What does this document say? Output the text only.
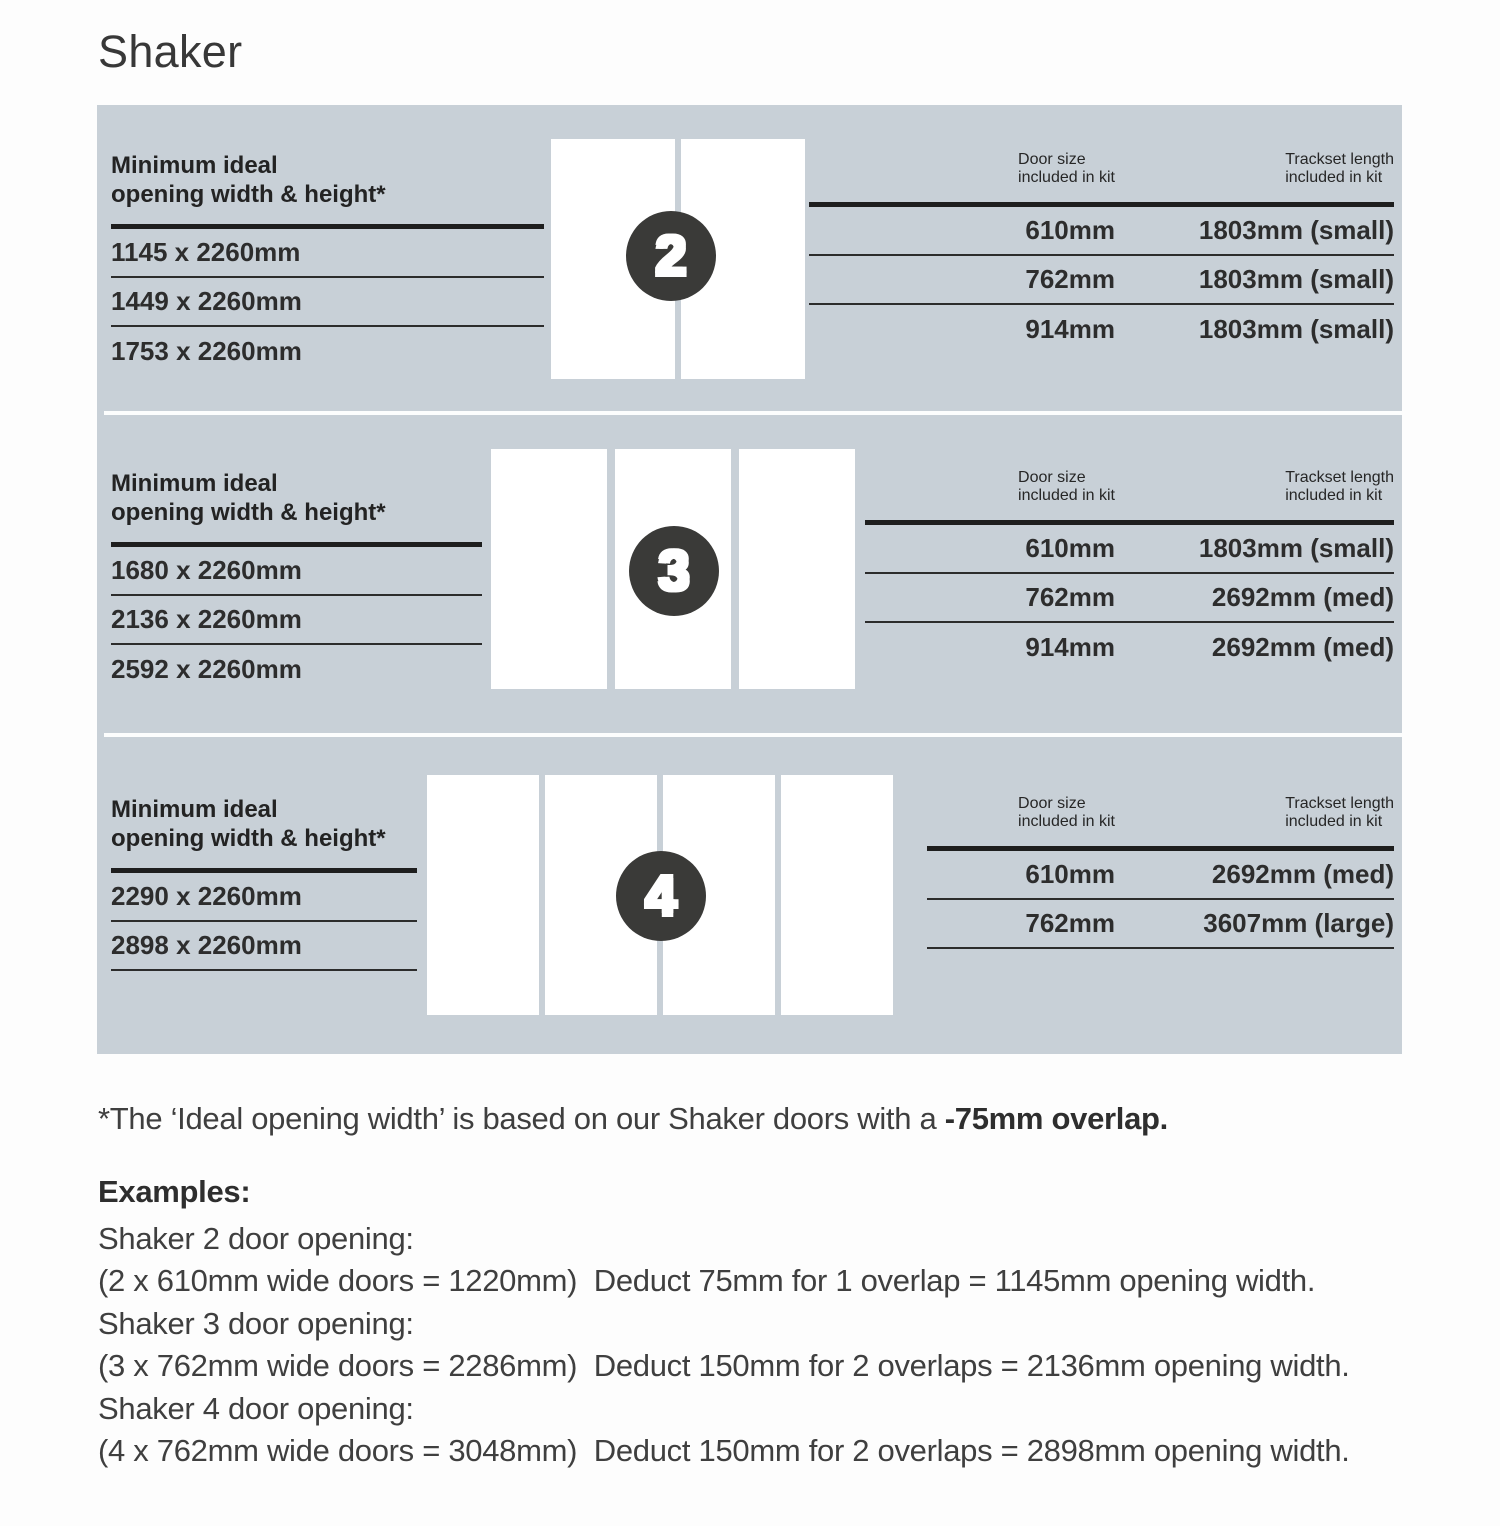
Shaker
Minimum ideal
opening width & height*
1145 x 2260mm
1449 x 2260mm
1753 x 2260mm
2
Door size
included in kit
Trackset length
included in kit
610mm	1803mm (small)
762mm	1803mm (small)
914mm	1803mm (small)
Minimum ideal
opening width & height*
1680 x 2260mm
2136 x 2260mm
2592 x 2260mm
3
Door size
included in kit
Trackset length
included in kit
610mm	1803mm (small)
762mm	2692mm (med)
914mm	2692mm (med)
Minimum ideal
opening width & height*
2290 x 2260mm
2898 x 2260mm
4
Door size
included in kit
Trackset length
included in kit
610mm	2692mm (med)
762mm	3607mm (large)
*The ‘Ideal opening width’ is based on our Shaker doors with a -75mm overlap.
Examples:
Shaker 2 door opening:
(2 x 610mm wide doors = 1220mm)  Deduct 75mm for 1 overlap = 1145mm opening width.
Shaker 3 door opening:
(3 x 762mm wide doors = 2286mm)  Deduct 150mm for 2 overlaps = 2136mm opening width.
Shaker 4 door opening:
(4 x 762mm wide doors = 3048mm)  Deduct 150mm for 2 overlaps = 2898mm opening width.
